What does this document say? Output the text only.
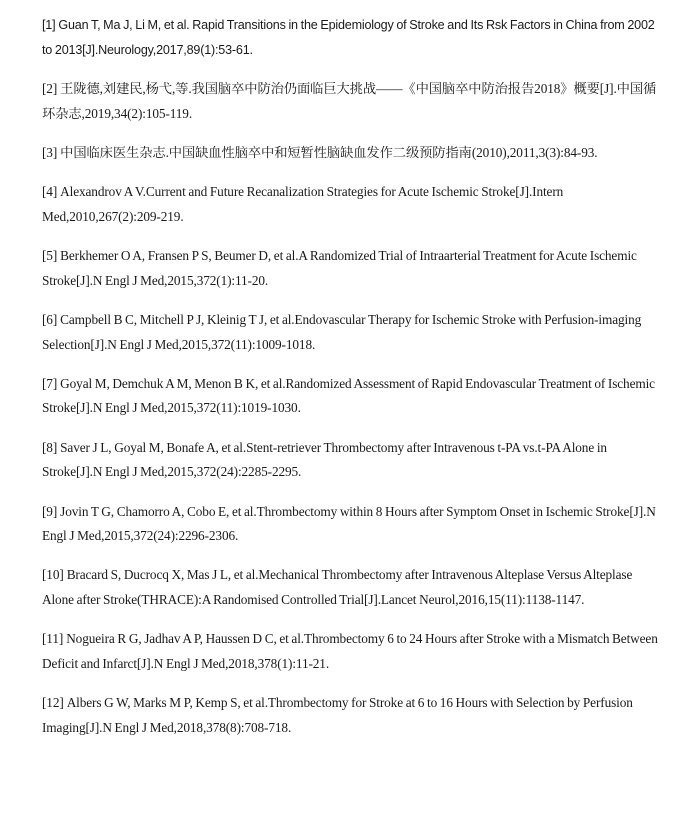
[1] Guan T, Ma J, Li M, et al. Rapid Transitions in the Epidemiology of Stroke and Its Rsk Factors in China from 2002 to 2013[J].Neurology,2017,89(1):53-61.

[2] 王陇德,刘建民,杨弋,等.我国脑卒中防治仍面临巨大挑战——《中国脑卒中防治报告2018》概要[J].中国循环杂志,2019,34(2):105-119.

[3] 中国临床医生杂志.中国缺血性脑卒中和短暂性脑缺血发作二级预防指南(2010),2011,3(3):84-93.

[4] Alexandrov A V.Current and Future Recanalization Strategies for Acute Ischemic Stroke[J].Intern Med,2010,267(2):209-219.

[5] Berkhemer O A, Fransen P S, Beumer D, et al.A Randomized Trial of Intraarterial Treatment for Acute Ischemic Stroke[J].N Engl J Med,2015,372(1):11-20.

[6] Campbell B C, Mitchell P J, Kleinig T J, et al.Endovascular Therapy for Ischemic Stroke with Perfusion-imaging Selection[J].N Engl J Med,2015,372(11):1009-1018.

[7] Goyal M, Demchuk A M, Menon B K, et al.Randomized Assessment of Rapid Endovascular Treatment of Ischemic Stroke[J].N Engl J Med,2015,372(11):1019-1030.

[8] Saver J L, Goyal M, Bonafe A, et al.Stent-retriever Thrombectomy after Intravenous t-PA vs.t-PA Alone in Stroke[J].N Engl J Med,2015,372(24):2285-2295.

[9] Jovin T G, Chamorro A, Cobo E, et al.Thrombectomy within 8 Hours after Symptom Onset in Ischemic Stroke[J].N Engl J Med,2015,372(24):2296-2306.

[10] Bracard S, Ducrocq X, Mas J L, et al.Mechanical Thrombectomy after Intravenous Alteplase Versus Alteplase Alone after Stroke(THRACE):A Randomised Controlled Trial[J].Lancet Neurol,2016,15(11):1138-1147.

[11] Nogueira R G, Jadhav A P, Haussen D C, et al.Thrombectomy 6 to 24 Hours after Stroke with a Mismatch Between Deficit and Infarct[J].N Engl J Med,2018,378(1):11-21.

[12] Albers G W, Marks M P, Kemp S, et al.Thrombectomy for Stroke at 6 to 16 Hours with Selection by Perfusion Imaging[J].N Engl J Med,2018,378(8):708-718.
